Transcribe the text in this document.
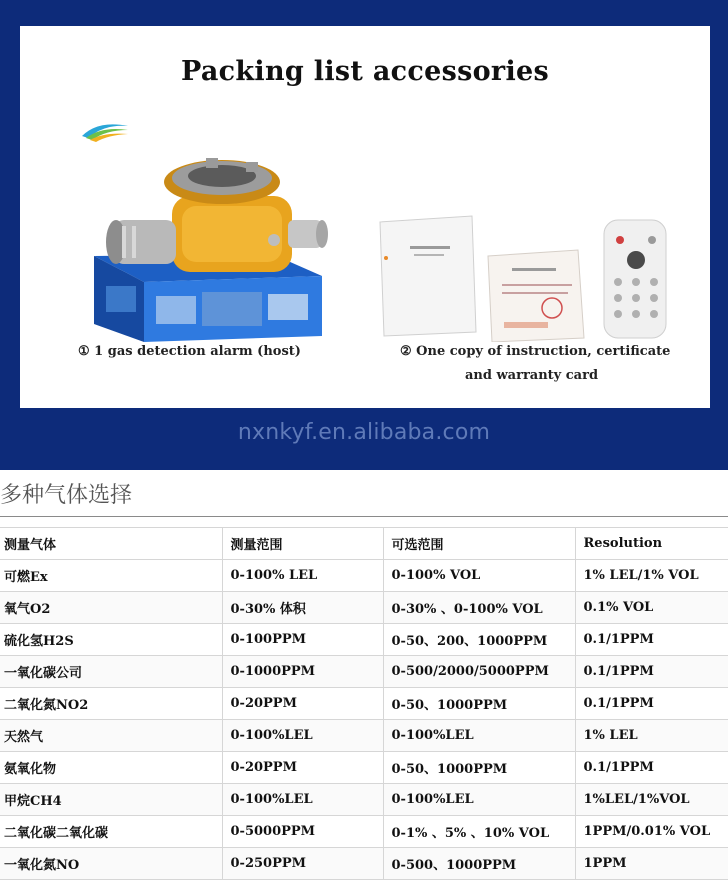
Packing list accessories
① 1 gas detection alarm (host)	② One copy of instruction, certificate
and warranty card
nxnkyf.en.alibaba.com
多种气体选择
测量气体	测量范围	可选范围	Resolution
可燃Ex	0-100% LEL	0-100% VOL	1% LEL/1% VOL
氧气O2	0-30% 体积	0-30% 、0-100% VOL	0.1% VOL
硫化氢H2S	0-100PPM	0-50、200、1000PPM	0.1/1PPM
一氧化碳公司	0-1000PPM	0-500/2000/5000PPM	0.1/1PPM
二氧化氮NO2	0-20PPM	0-50、1000PPM	0.1/1PPM
天然气	0-100%LEL	0-100%LEL	1% LEL
氨氧化物	0-20PPM	0-50、1000PPM	0.1/1PPM
甲烷CH4	0-100%LEL	0-100%LEL	1%LEL/1%VOL
二氧化碳二氧化碳	0-5000PPM	0-1% 、5% 、10% VOL	1PPM/0.01% VOL
一氧化氮NO	0-250PPM	0-500、1000PPM	1PPM
